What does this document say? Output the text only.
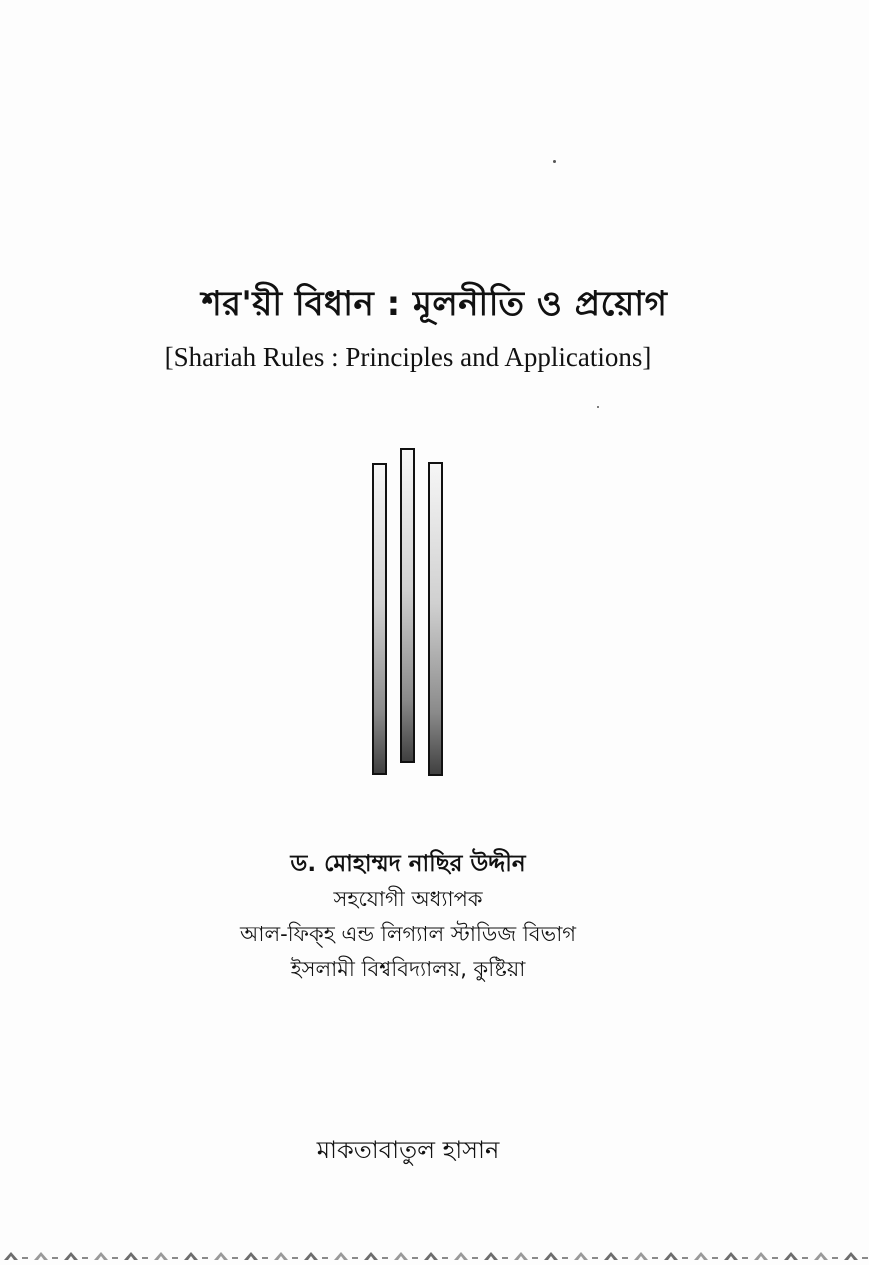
শর'য়ী বিধান : মূলনীতি ও প্রয়োগ
[Shariah Rules : Principles and Applications]
ড. মোহাম্মদ নাছির উদ্দীন
সহযোগী অধ্যাপক
আল-ফিক্‌হ এন্ড লিগ্যাল স্টাডিজ বিভাগ
ইসলামী বিশ্ববিদ্যালয়, কুষ্টিয়া
মাকতাবাতুল হাসান
